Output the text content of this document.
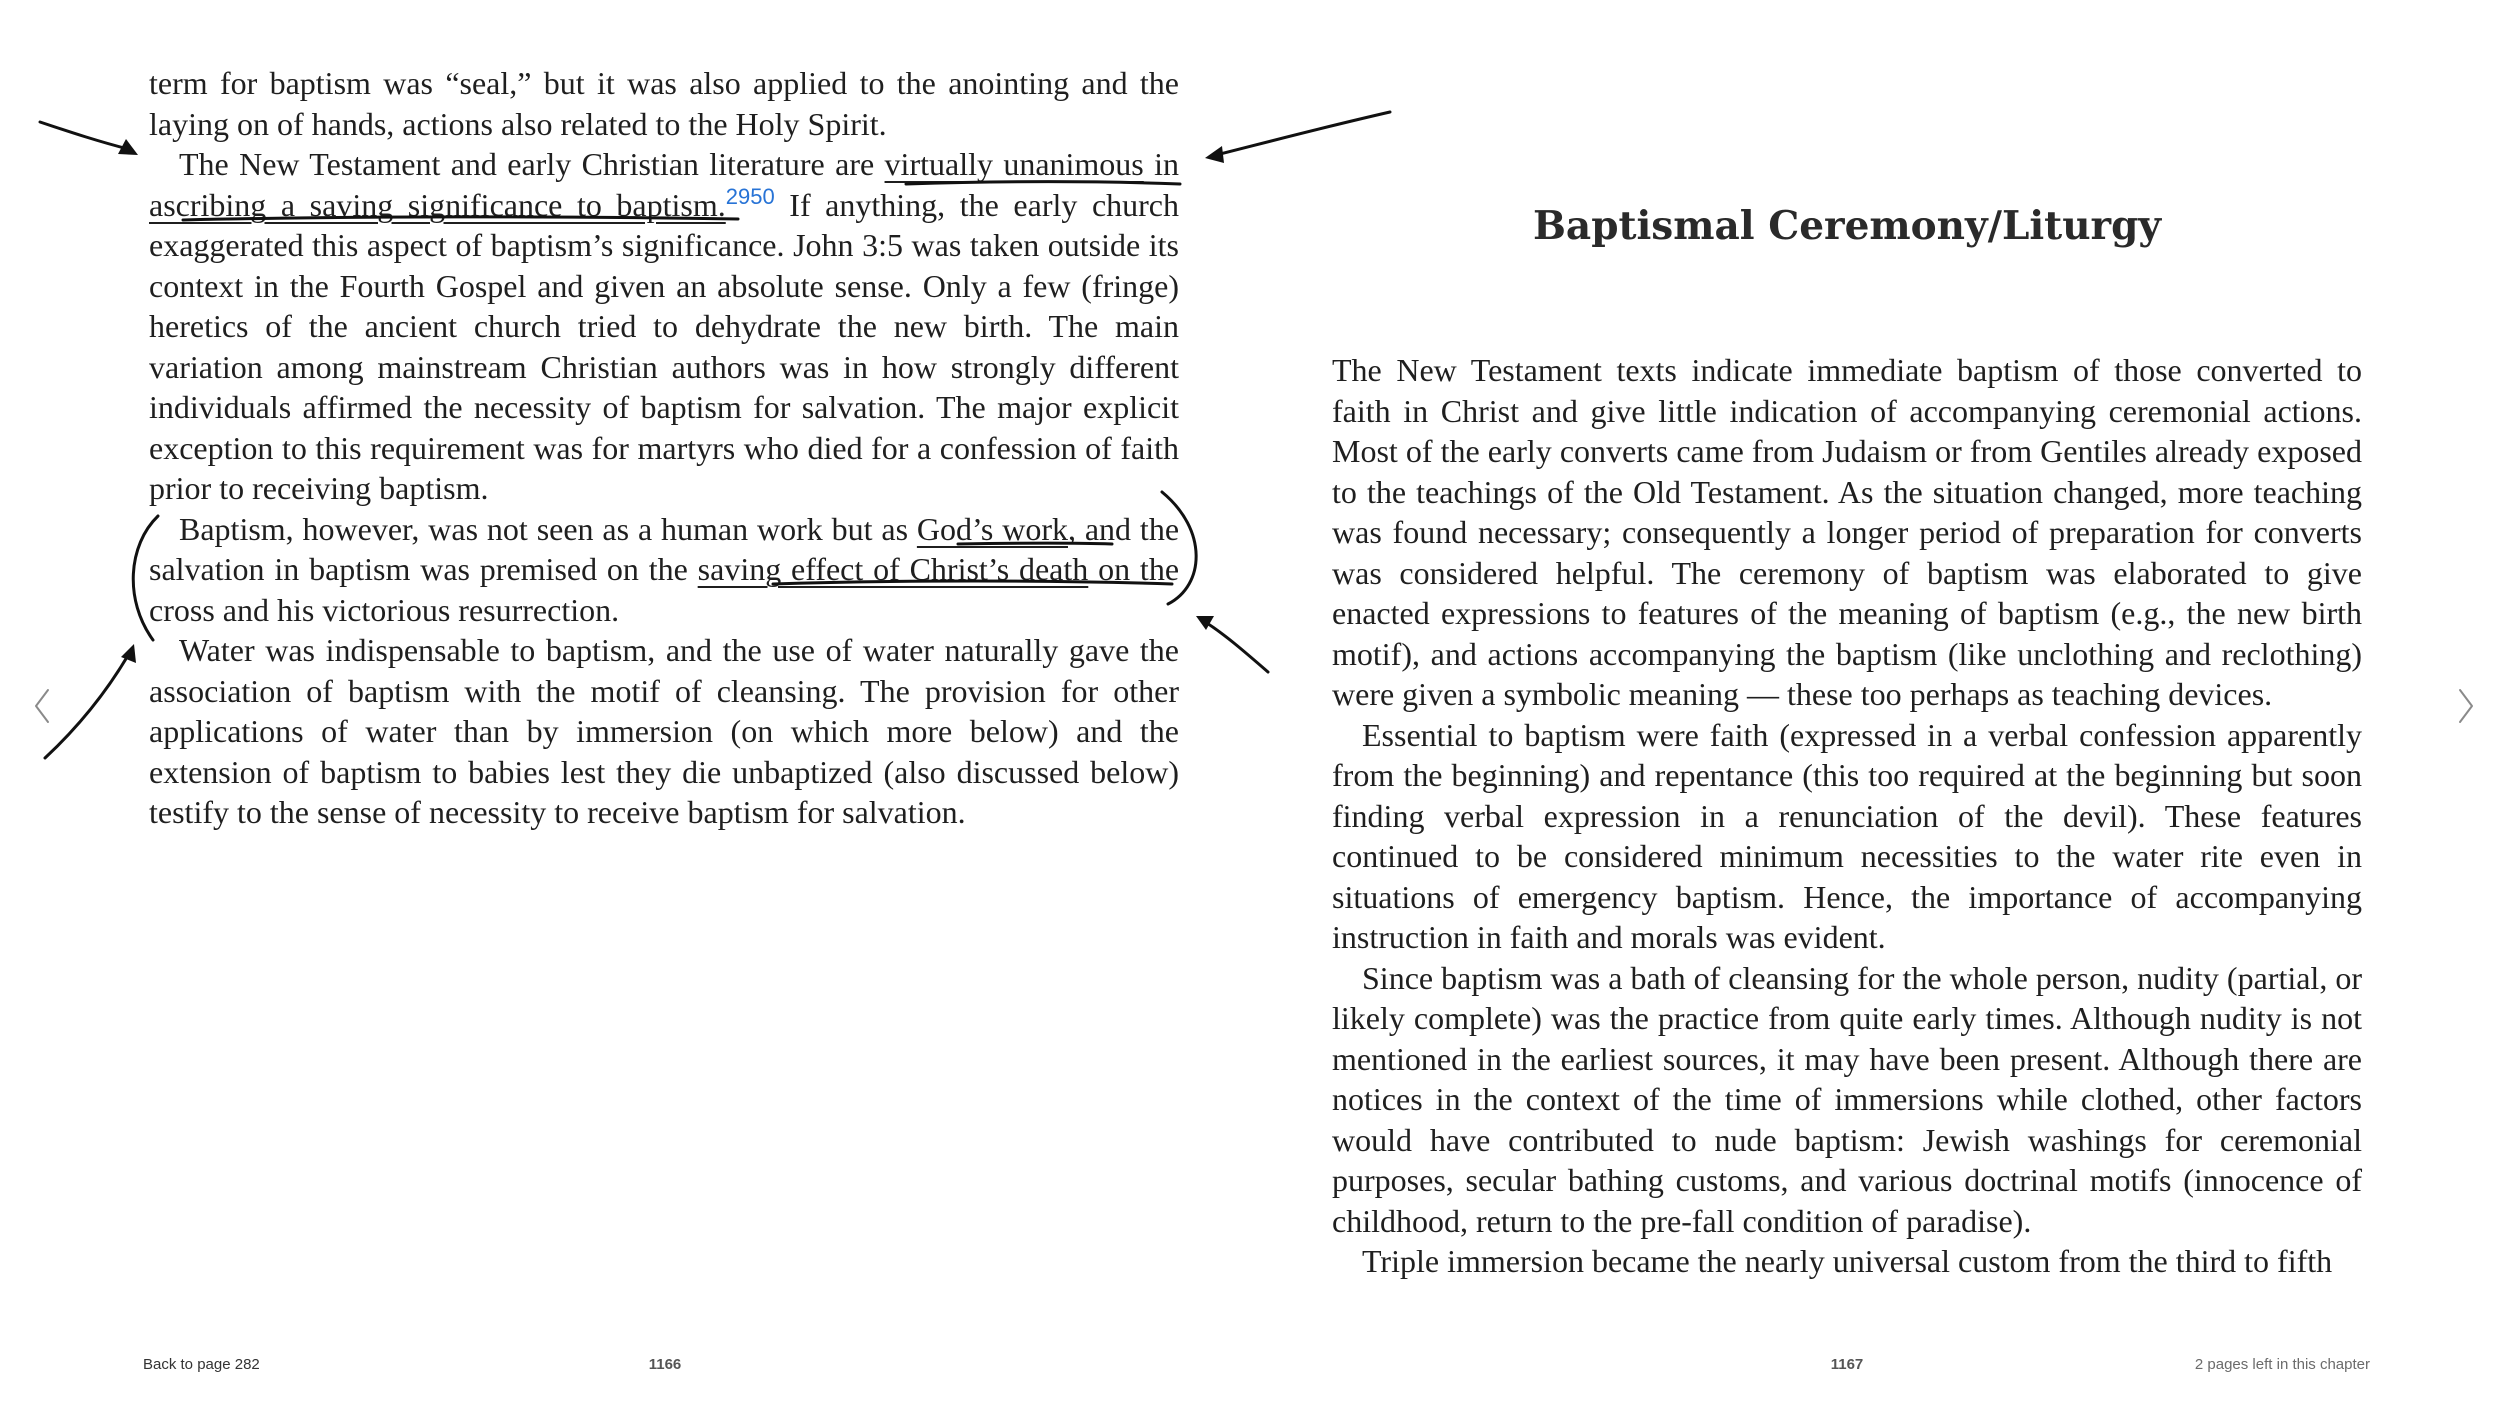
term for baptism was “seal,” but it was also applied to the anointing and the laying on of hands, actions also related to the Holy Spirit.

The New Testament and early Christian literature are virtually unanimous in ascribing a saving significance to baptism.$^{2950}$ If anything, the early church exaggerated this aspect of baptism’s significance. John 3:5 was taken outside its context in the Fourth Gospel and given an absolute sense. Only a few (fringe) heretics of the ancient church tried to dehydrate the new birth. The main variation among mainstream Christian authors was in how strongly different individuals affirmed the necessity of baptism for salvation. The major explicit exception to this requirement was for martyrs who died for a confession of faith prior to receiving baptism.

Baptism, however, was not seen as a human work but as God’s work, and the salvation in baptism was premised on the saving effect of Christ’s death on the cross and his victorious resurrection.

Water was indispensable to baptism, and the use of water naturally gave the association of baptism with the motif of cleansing. The provision for other applications of water than by immersion (on which more below) and the extension of baptism to babies lest they die unbaptized (also discussed below) testify to the sense of necessity to receive baptism for salvation.

Baptismal Ceremony/Liturgy

The New Testament texts indicate immediate baptism of those converted to faith in Christ and give little indication of accompanying ceremonial actions. Most of the early converts came from Judaism or from Gentiles already exposed to the teachings of the Old Testament. As the situation changed, more teaching was found necessary; consequently a longer period of preparation for converts was considered helpful. The ceremony of baptism was elaborated to give enacted expressions to features of the meaning of baptism (e.g., the new birth motif), and actions accompanying the baptism (like unclothing and reclothing) were given a symbolic meaning — these too perhaps as teaching devices.

Essential to baptism were faith (expressed in a verbal confession apparently from the beginning) and repentance (this too required at the beginning but soon finding verbal expression in a renunciation of the devil). These features continued to be considered minimum necessities to the water rite even in situations of emergency baptism. Hence, the importance of accompanying instruction in faith and morals was evident.

Since baptism was a bath of cleansing for the whole person, nudity (partial, or likely complete) was the practice from quite early times. Although nudity is not mentioned in the earliest sources, it may have been present. Although there are notices in the context of the time of immersions while clothed, other factors would have contributed to nude baptism: Jewish washings for ceremonial purposes, secular bathing customs, and various doctrinal motifs (innocence of childhood, return to the pre-fall condition of paradise).

Triple immersion became the nearly universal custom from the third to fifth

Back to page 282	1166	1167	2 pages left in this chapter
